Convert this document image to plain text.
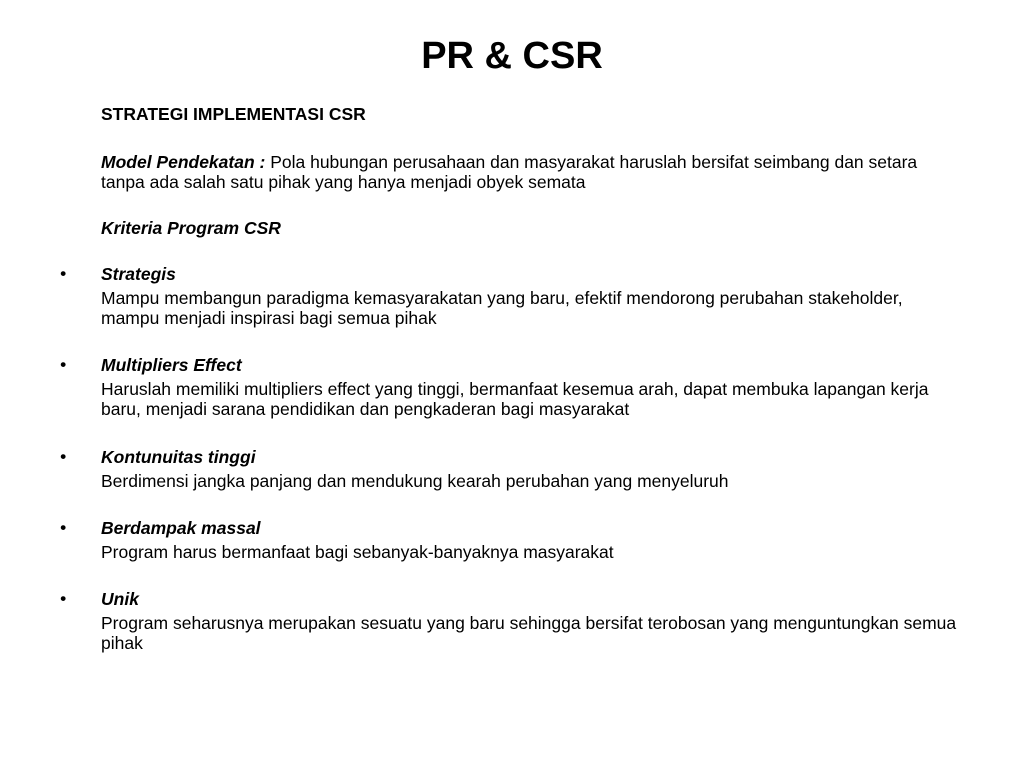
PR & CSR

STRATEGI IMPLEMENTASI CSR

Model Pendekatan : Pola hubungan perusahaan dan masyarakat haruslah bersifat seimbang dan setara tanpa ada salah satu pihak yang hanya menjadi obyek semata

Kriteria Program CSR

•	Strategis

Mampu membangun paradigma kemasyarakatan yang baru, efektif mendorong perubahan stakeholder, mampu menjadi inspirasi bagi semua pihak

•	Multipliers Effect

Haruslah memiliki multipliers effect yang tinggi, bermanfaat kesemua arah, dapat membuka lapangan kerja baru, menjadi sarana pendidikan dan pengkaderan bagi masyarakat

•	Kontunuitas tinggi

Berdimensi jangka panjang dan mendukung kearah perubahan yang menyeluruh

•	Berdampak massal

Program harus bermanfaat bagi sebanyak-banyaknya masyarakat

•	Unik

Program seharusnya merupakan sesuatu yang baru sehingga bersifat terobosan yang menguntungkan semua pihak
